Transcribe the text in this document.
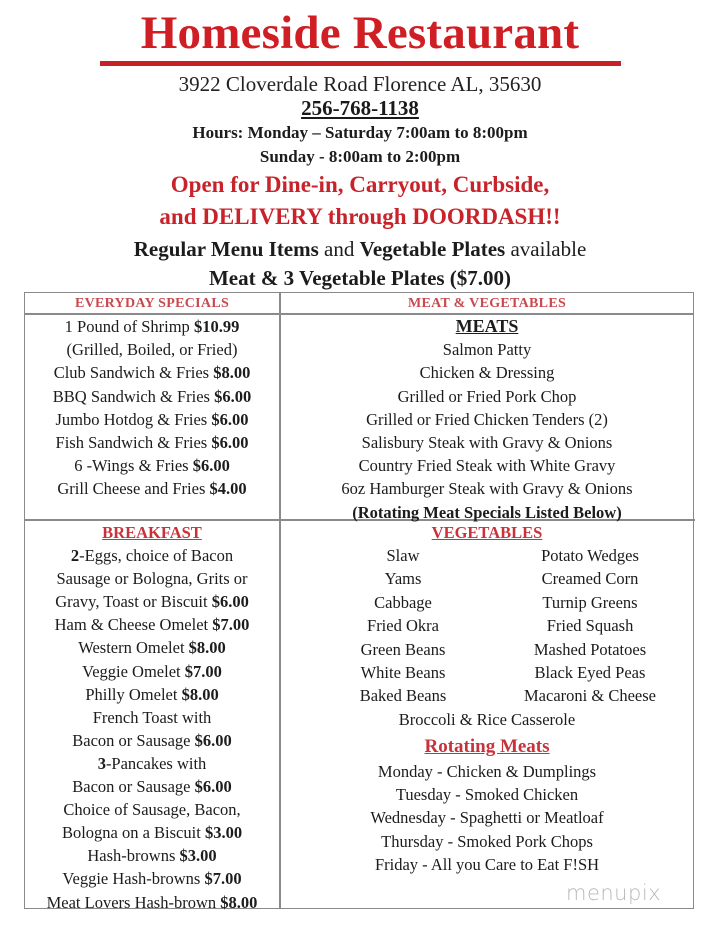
Homeside Restaurant
3922 Cloverdale Road Florence AL, 35630
256-768-1138
Hours: Monday – Saturday 7:00am to 8:00pm
Sunday - 8:00am to 2:00pm
Open for Dine-in, Carryout, Curbside,
and DELIVERY through DOORDASH!!
Regular Menu Items and Vegetable Plates available
Meat & 3 Vegetable Plates ($7.00)
EVERYDAY SPECIALS	MEAT & VEGETABLES
1 Pound of Shrimp $10.99
(Grilled, Boiled, or Fried)
Club Sandwich & Fries $8.00
BBQ Sandwich & Fries $6.00
Jumbo Hotdog & Fries $6.00
Fish Sandwich & Fries $6.00
6 -Wings & Fries $6.00
Grill Cheese and Fries $4.00
MEATS
Salmon Patty
Chicken & Dressing
Grilled or Fried Pork Chop
Grilled or Fried Chicken Tenders (2)
Salisbury Steak with Gravy & Onions
Country Fried Steak with White Gravy
6oz Hamburger Steak with Gravy & Onions
(Rotating Meat Specials Listed Below)
BREAKFAST
2-Eggs, choice of Bacon
Sausage or Bologna, Grits or
Gravy, Toast or Biscuit $6.00
Ham & Cheese Omelet $7.00
Western Omelet $8.00
Veggie Omelet $7.00
Philly Omelet $8.00
French Toast with
Bacon or Sausage $6.00
3-Pancakes with
Bacon or Sausage $6.00
Choice of Sausage, Bacon,
Bologna on a Biscuit $3.00
Hash-browns $3.00
Veggie Hash-browns $7.00
Meat Lovers Hash-brown $8.00
VEGETABLES
Slaw	Potato Wedges
Yams	Creamed Corn
Cabbage	Turnip Greens
Fried Okra	Fried Squash
Green Beans	Mashed Potatoes
White Beans	Black Eyed Peas
Baked Beans	Macaroni & Cheese
Broccoli & Rice Casserole
Rotating Meats
Monday - Chicken & Dumplings
Tuesday - Smoked Chicken
Wednesday - Spaghetti or Meatloaf
Thursday - Smoked Pork Chops
Friday - All you Care to Eat F!SH
menupix
